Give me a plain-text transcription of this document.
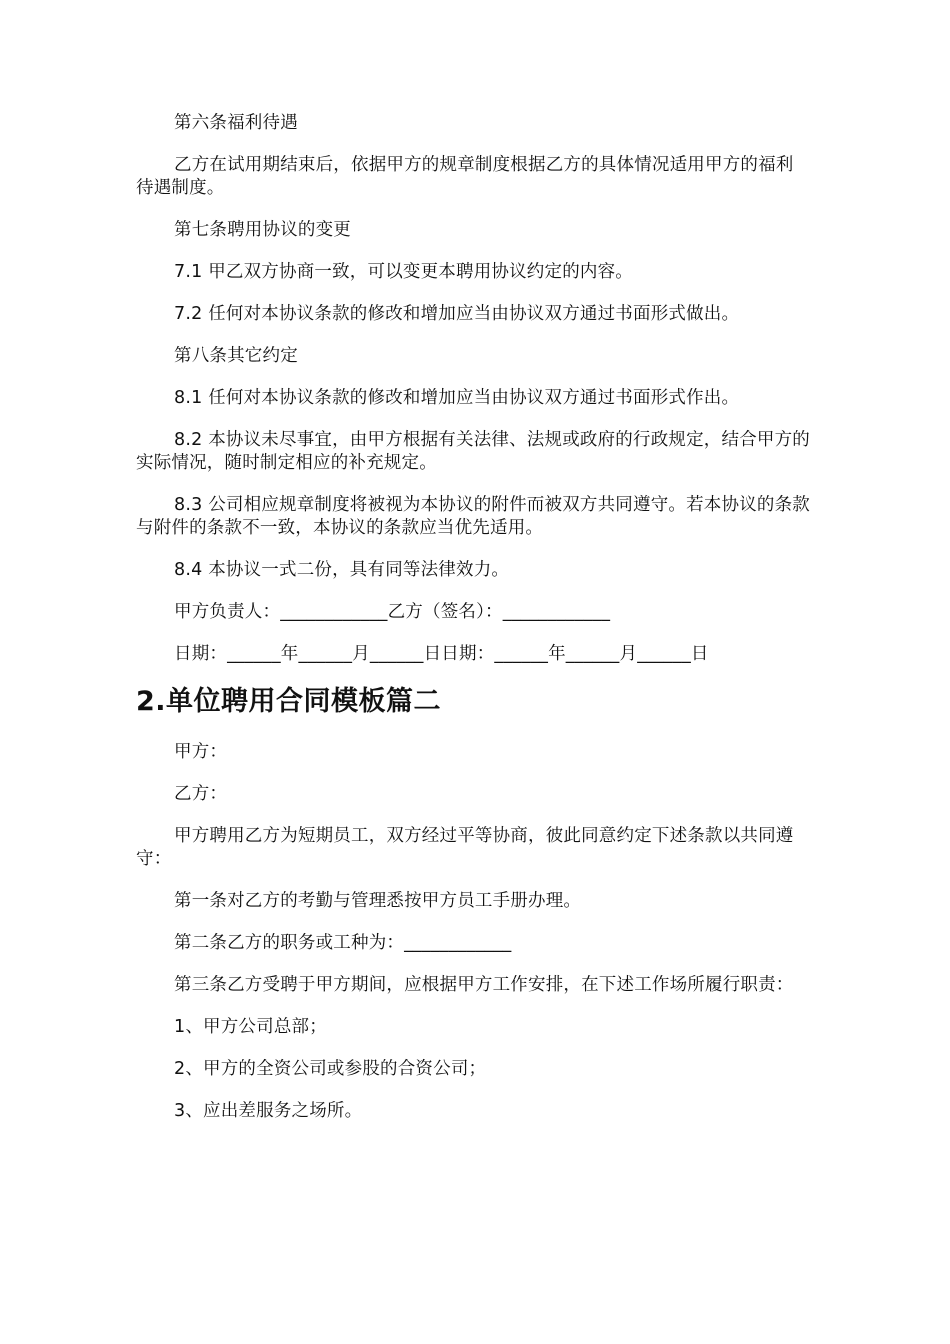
第六条福利待遇

乙方在试用期结束后，依据甲方的规章制度根据乙方的具体情况适用甲方的福利待遇制度。

第七条聘用协议的变更

7.1 甲乙双方协商一致，可以变更本聘用协议约定的内容。

7.2 任何对本协议条款的修改和增加应当由协议双方通过书面形式做出。

第八条其它约定

8.1 任何对本协议条款的修改和增加应当由协议双方通过书面形式作出。

8.2 本协议未尽事宜，由甲方根据有关法律、法规或政府的行政规定，结合甲方的实际情况，随时制定相应的补充规定。

8.3 公司相应规章制度将被视为本协议的附件而被双方共同遵守。若本协议的条款与附件的条款不一致，本协议的条款应当优先适用。

8.4 本协议一式二份，具有同等法律效力。

甲方负责人：____________乙方（签名）：____________

日期：______年______月______日日期：______年______月______日

2.单位聘用合同模板篇二

甲方：

乙方：

甲方聘用乙方为短期员工，双方经过平等协商，彼此同意约定下述条款以共同遵守：

第一条对乙方的考勤与管理悉按甲方员工手册办理。

第二条乙方的职务或工种为：____________

第三条乙方受聘于甲方期间，应根据甲方工作安排，在下述工作场所履行职责：

1、甲方公司总部；

2、甲方的全资公司或参股的合资公司；

3、应出差服务之场所。
